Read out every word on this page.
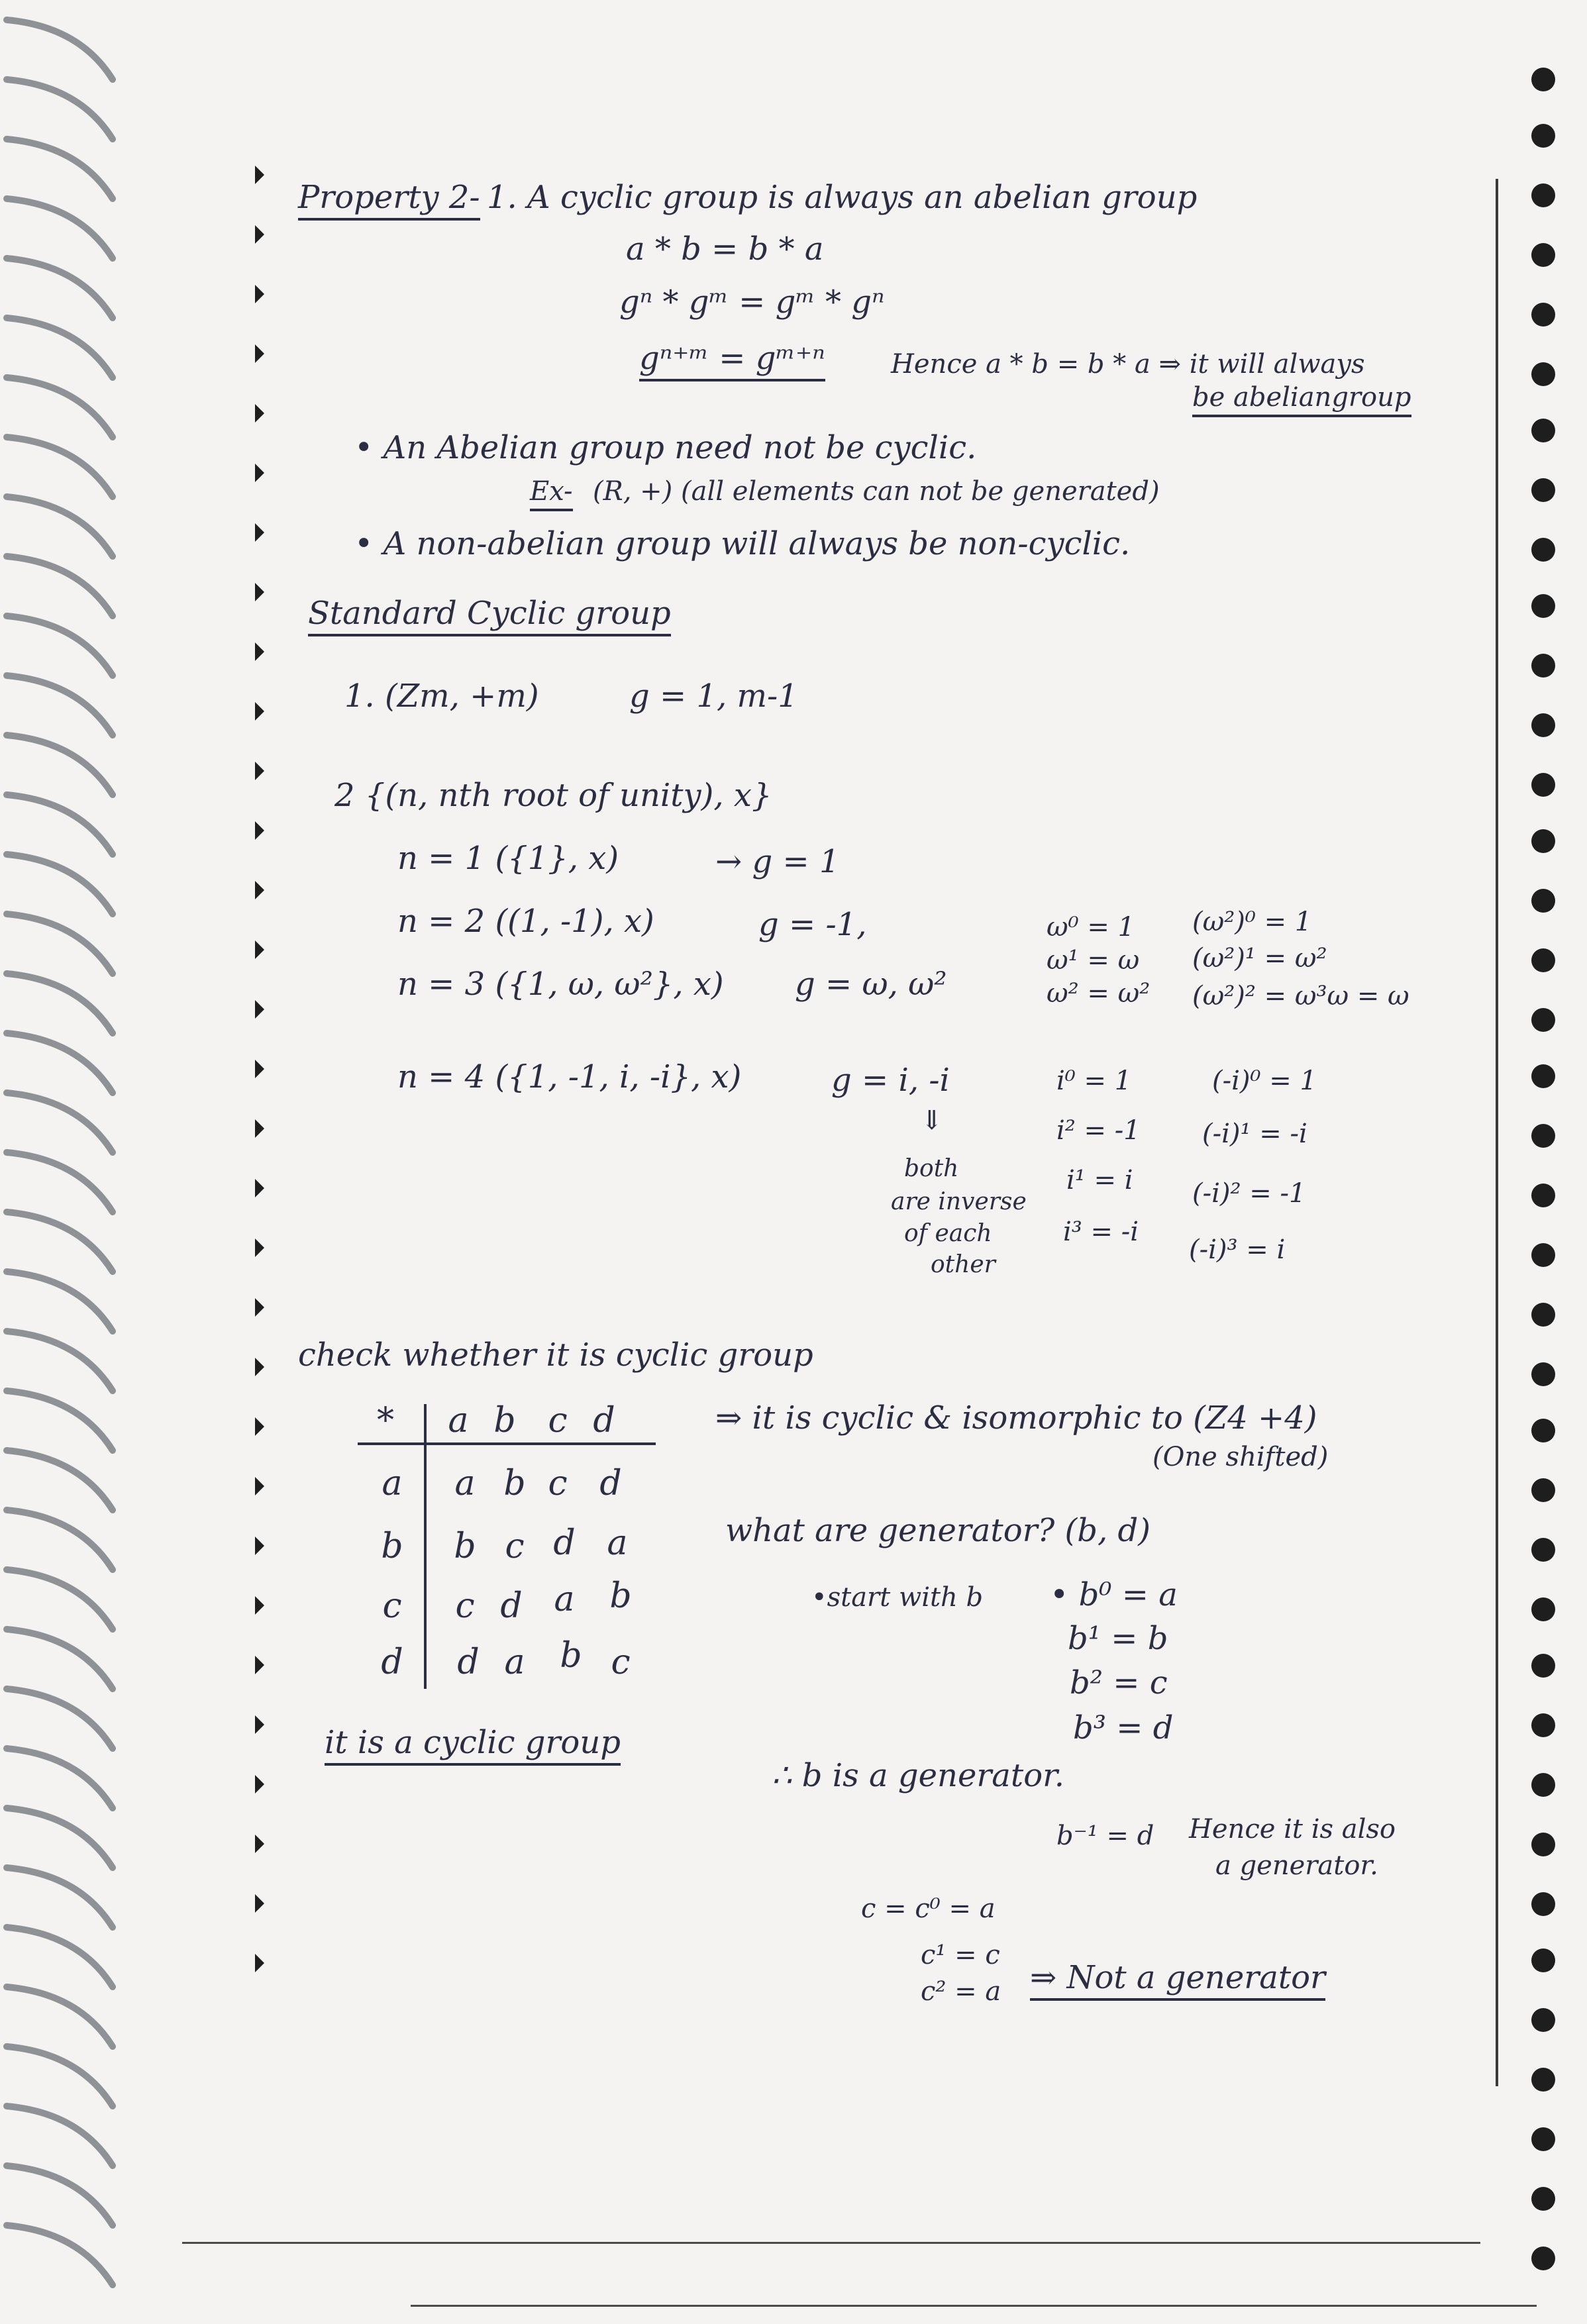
Property 2- 1. A cyclic group is always an abelian group
a * b = b * a
gⁿ * gᵐ = gᵐ * gⁿ
gⁿ⁺ᵐ = gᵐ⁺ⁿ Hence a * b = b * a ⇒ it will always
be abeliangroup
• An Abelian group need not be cyclic.
Ex- (R, +) (all elements can not be generated)
• A non-abelian group will always be non-cyclic.
Standard Cyclic group
1. (Zm, +m)	g = 1, m-1
2 {(n, nth root of unity), x}
n = 1 ({1}, x)	→ g = 1
n = 2 ((1, -1), x)	g = -1,
n = 3 ({1, ω, ω²}, x) g = ω, ω²
n = 4 ({1, -1, i, -i}, x)	g = i, -i
ω⁰ = 1
ω¹ = ω
ω² = ω²
(ω²)⁰ = 1
(ω²)¹ = ω²
(ω²)² = ω³ω = ω
i⁰ = 1
i² = -1
i¹ = i
i³ = -i
(-i)⁰ = 1
(-i)¹ = -i
(-i)² = -1
(-i)³ = i
⇓
both
are inverse
of each
other
check whether it is cyclic group
*	a b c d
a	a b c d
b b c d a
c	c d a	b
d d a	b c
⇒ it is cyclic & isomorphic to (Z4 +4)
(One shifted)
what are generator? (b, d)
•start with b • b⁰ = a
b¹ = b
b² = c
b³ = d
it is a cyclic group
∴ b is a generator.
b⁻¹ = d Hence it is also
a generator.
c = c⁰ = a
c¹ = c
c² = a ⇒ Not a generator
